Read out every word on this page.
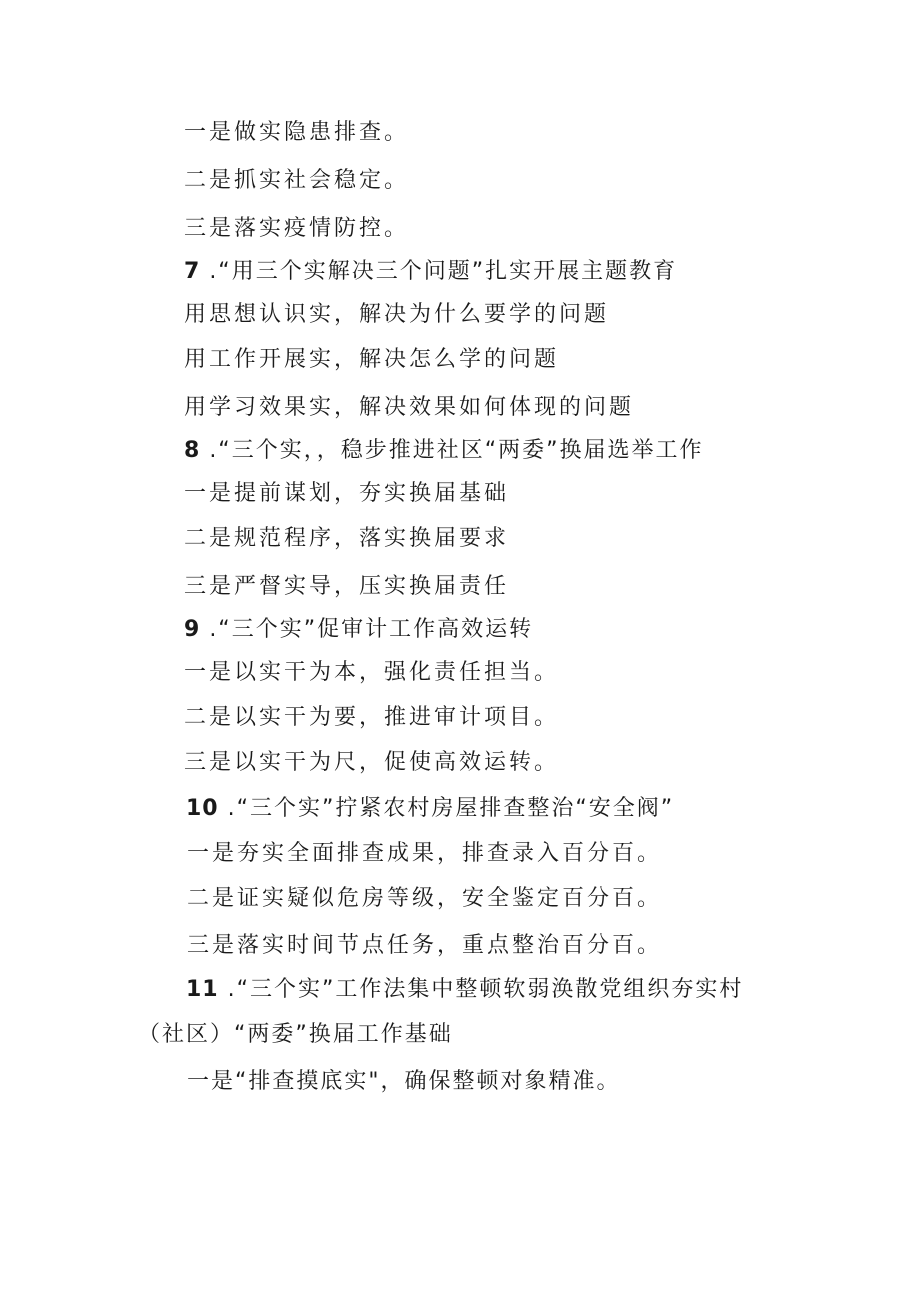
一是做实隐患排查。
二是抓实社会稳定。
三是落实疫情防控。
7 .“用三个实解决三个问题”扎实开展主题教育
用思想认识实，解决为什么要学的问题
用工作开展实，解决怎么学的问题
用学习效果实，解决效果如何体现的问题
8 .“三个实，，稳步推进社区“两委”换届选举工作
一是提前谋划，夯实换届基础
二是规范程序，落实换届要求
三是严督实导，压实换届责任
9 .“三个实”促审计工作高效运转
一是以实干为本，强化责任担当。
二是以实干为要，推进审计项目。
三是以实干为尺，促使高效运转。
10 .“三个实”拧紧农村房屋排查整治“安全阀”
一是夯实全面排查成果，排查录入百分百。
二是证实疑似危房等级，安全鉴定百分百。
三是落实时间节点任务，重点整治百分百。
11 .“三个实”工作法集中整顿软弱涣散党组织夯实村
（社区）“两委”换届工作基础
一是“排查摸底实"，确保整顿对象精准。
